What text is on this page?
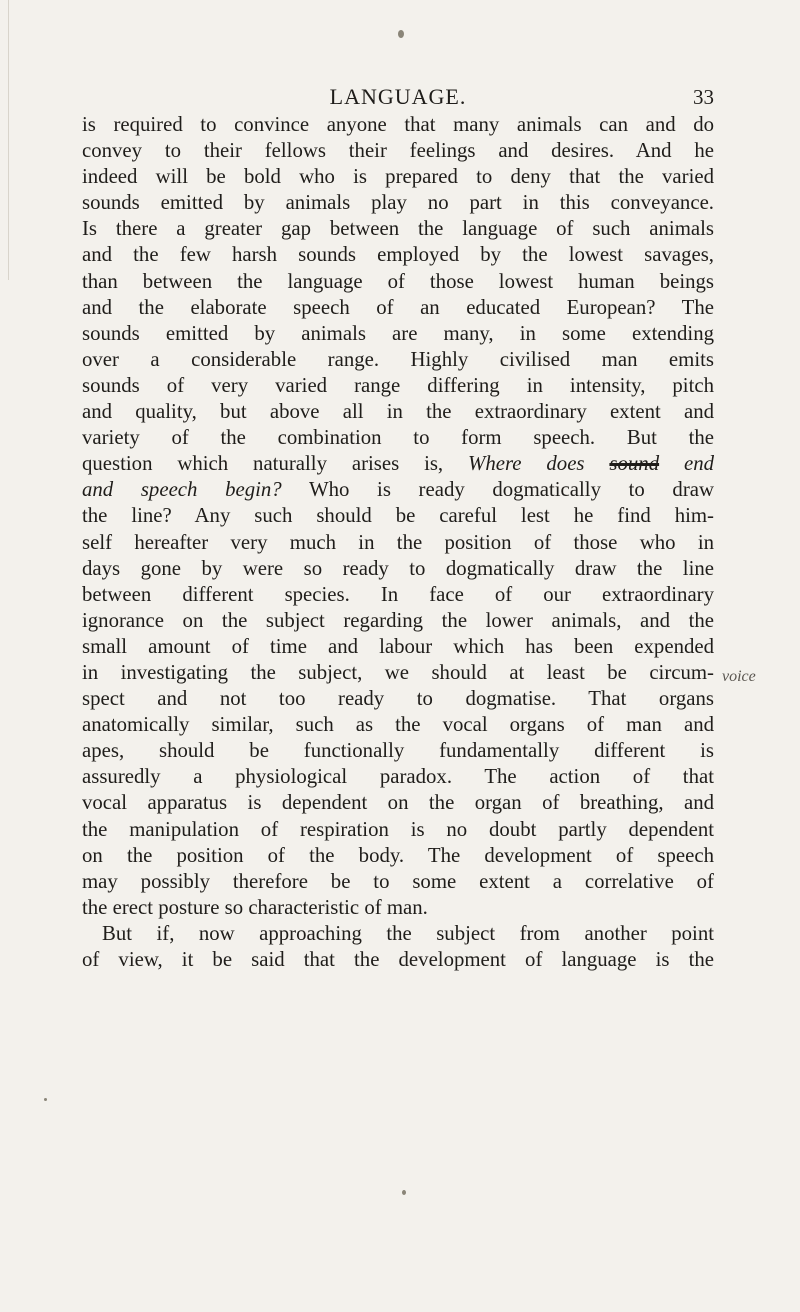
LANGUAGE.	33
is required to convince anyone that many animals can and do
convey to their fellows their feelings and desires. And he
indeed will be bold who is prepared to deny that the varied
sounds emitted by animals play no part in this conveyance.
Is there a greater gap between the language of such animals
and the few harsh sounds employed by the lowest savages,
than between the language of those lowest human beings
and the elaborate speech of an educated European? The
sounds emitted by animals are many, in some extending
over a considerable range. Highly civilised man emits
sounds of very varied range differing in intensity, pitch
and quality, but above all in the extraordinary extent and
variety of the combination to form speech. But the
question which naturally arises is, Where does sound end
and speech begin? Who is ready dogmatically to draw
the line? Any such should be careful lest he find him-
self hereafter very much in the position of those who in
days gone by were so ready to dogmatically draw the line
between different species. In face of our extraordinary
ignorance on the subject regarding the lower animals, and the
small amount of time and labour which has been expended
in investigating the subject, we should at least be circum-
spect and not too ready to dogmatise. That organs
anatomically similar, such as the vocal organs of man and
apes, should be functionally fundamentally different is
assuredly a physiological paradox. The action of that
vocal apparatus is dependent on the organ of breathing, and
the manipulation of respiration is no doubt partly dependent
on the position of the body. The development of speech
may possibly therefore be to some extent a correlative of
the erect posture so characteristic of man.
But if, now approaching the subject from another point
of view, it be said that the development of language is the
voice
